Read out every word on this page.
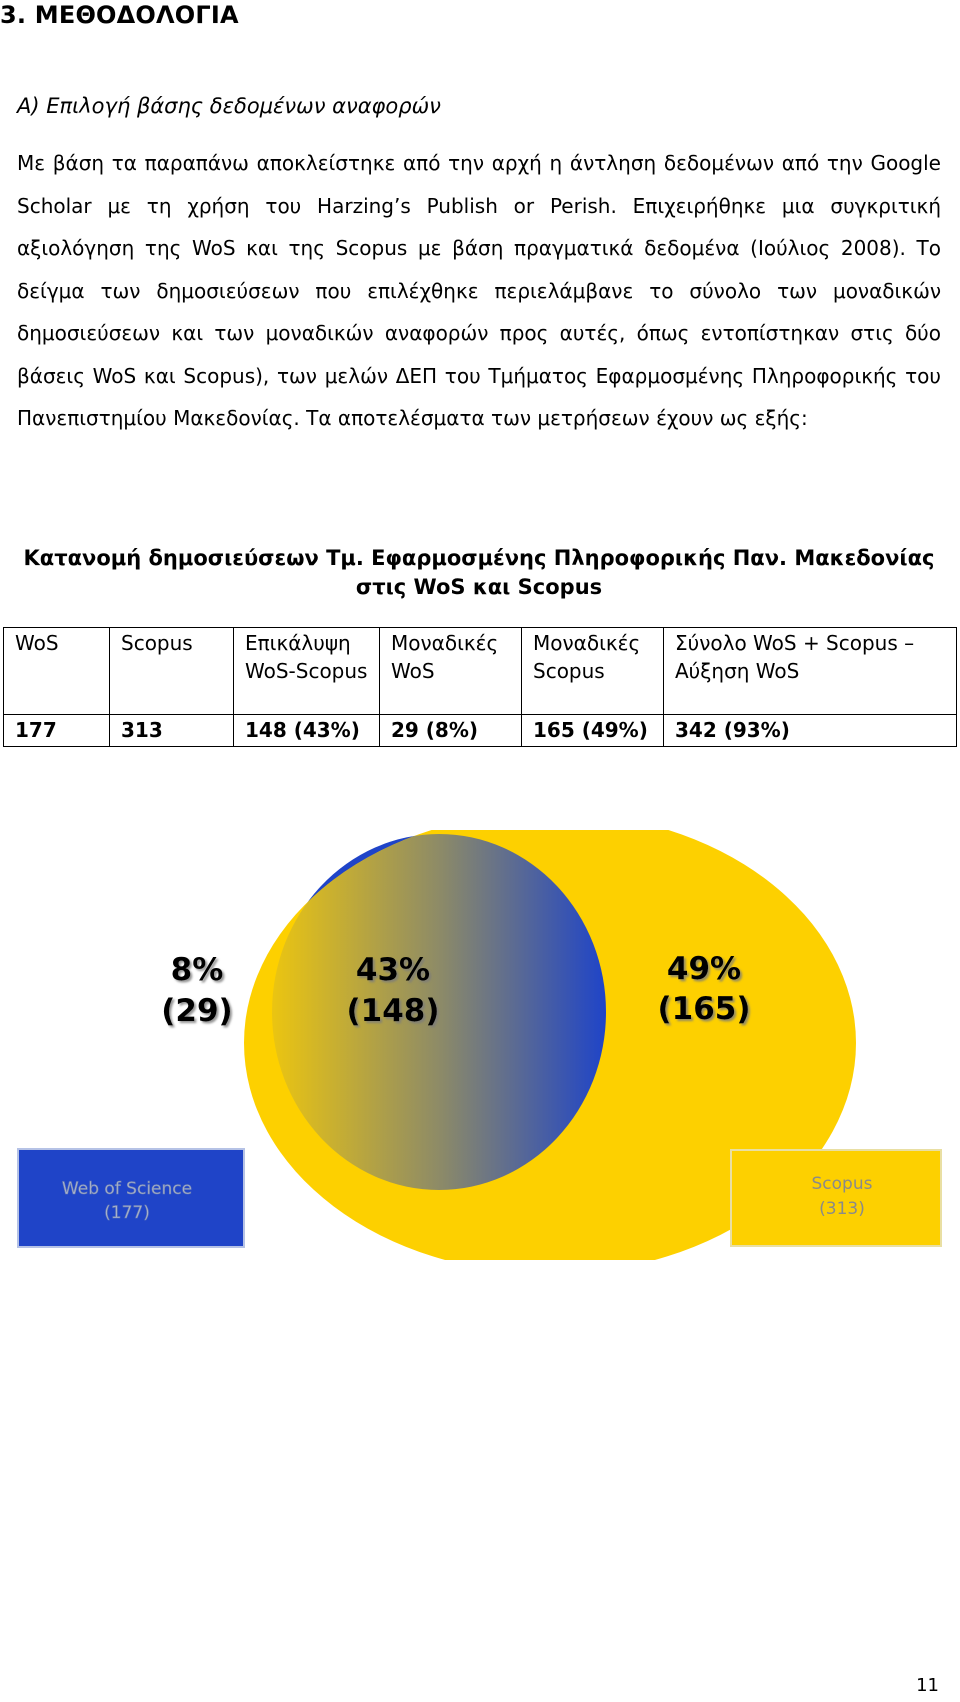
3. ΜΕΘΟΔΟΛΟΓΙΑ
Α) Επιλογή βάσης δεδομένων αναφορών

Με βάση τα παραπάνω αποκλείστηκε από την αρχή η άντληση δεδομένων από την Google Scholar με τη χρήση του Harzing’s Publish or Perish. Επιχειρήθηκε μια συγκριτική αξιολόγηση της WoS και της Scopus με βάση πραγματικά δεδομένα (Ιούλιος 2008). Το δείγμα των δημοσιεύσεων που επιλέχθηκε περιελάμβανε το σύνολο των μοναδικών δημοσιεύσεων και των μοναδικών αναφορών προς αυτές, όπως εντοπίστηκαν στις δύο βάσεις WoS και Scopus), των μελών ΔΕΠ του Τμήματος Εφαρμοσμένης Πληροφορικής του Πανεπιστημίου Μακεδονίας. Τα αποτελέσματα των μετρήσεων έχουν ως εξής:

Κατανομή δημοσιεύσεων Τμ. Εφαρμοσμένης Πληροφορικής Παν. Μακεδονίας
στις WoS και Scopus
WoS	Scopus	Επικάλυψη WoS-Scopus	Μοναδικές WoS	Μοναδικές Scopus	Σύνολο WoS + Scopus – Αύξηση WoS
177	313	148 (43%)	29 (8%)	165 (49%)	342 (93%)
8%
(29)
43%
(148)
49%
(165)
Web of Science
(177)
Scopus
(313)
11
